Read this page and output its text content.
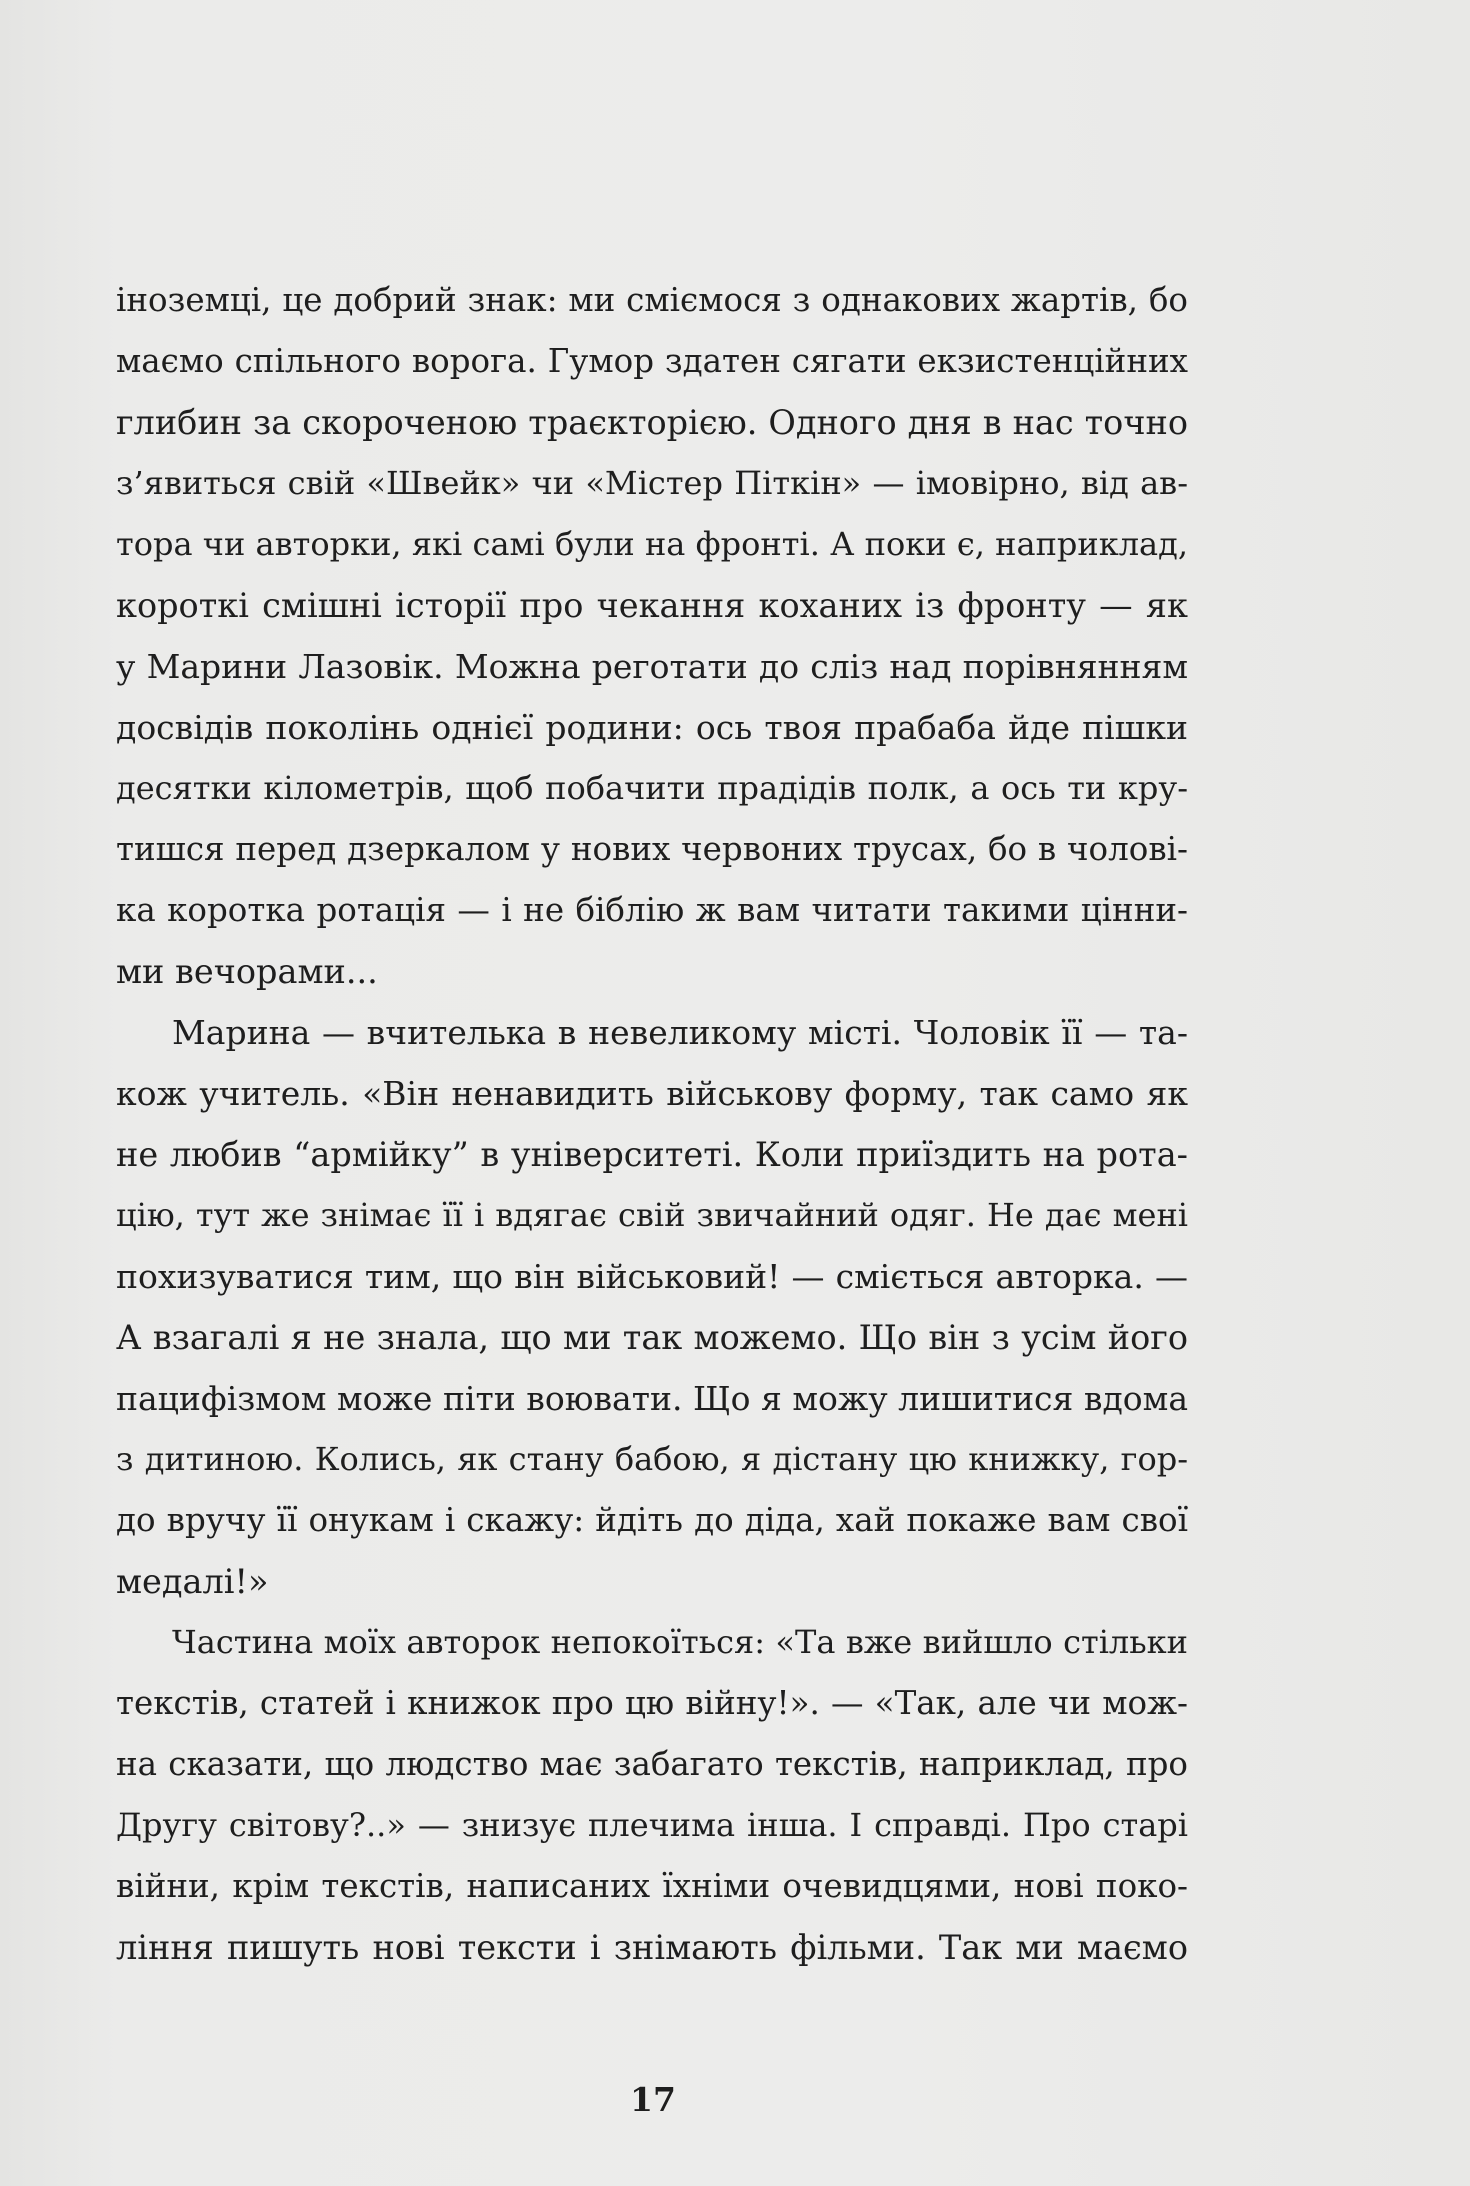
іноземці, це добрий знак: ми сміємося з однакових жартів, бо
маємо спільного ворога. Гумор здатен сягати екзистенційних
глибин за скороченою траєкторією. Одного дня в нас точно
з’явиться свій «Швейк» чи «Містер Піткін» — імовірно, від ав-
тора чи авторки, які самі були на фронті. А поки є, наприклад,
короткі смішні історії про чекання коханих із фронту — як
у Марини Лазовік. Можна реготати до сліз над порівнянням
досвідів поколінь однієї родини: ось твоя прабаба йде пішки
десятки кілометрів, щоб побачити прадідів полк, а ось ти кру-
тишся перед дзеркалом у нових червоних трусах, бо в чолові-
ка коротка ротація — і не біблію ж вам читати такими цінни-
ми вечорами...
Марина — вчителька в невеликому місті. Чоловік її — та-
кож учитель. «Він ненавидить військову форму, так само як
не любив “армійку” в університеті. Коли приїздить на рота-
цію, тут же знімає її і вдягає свій звичайний одяг. Не дає мені
похизуватися тим, що він військовий! — сміється авторка. —
А взагалі я не знала, що ми так можемо. Що він з усім його
пацифізмом може піти воювати. Що я можу лишитися вдома
з дитиною. Колись, як стану бабою, я дістану цю книжку, гор-
до вручу її онукам і скажу: йдіть до діда, хай покаже вам свої
медалі!»
Частина моїх авторок непокоїться: «Та вже вийшло стільки
текстів, статей і книжок про цю війну!». — «Так, але чи мож-
на сказати, що людство має забагато текстів, наприклад, про
Другу світову?..» — знизує плечима інша. І справді. Про старі
війни, крім текстів, написаних їхніми очевидцями, нові поко-
ління пишуть нові тексти і знімають фільми. Так ми маємо
17
